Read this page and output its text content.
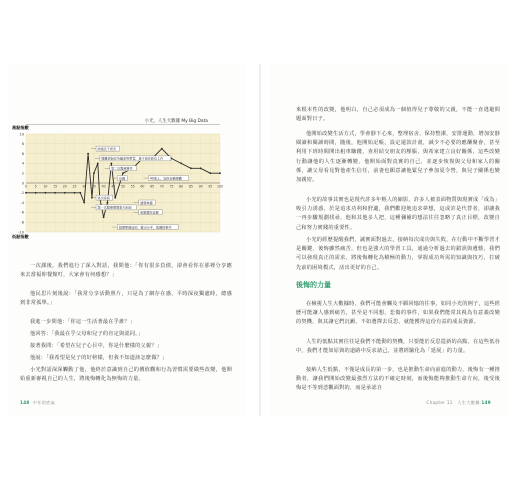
小光，人生大數據 My Big Data
高點指數
低點指數
10
8
6
4
2
0
-2
-4
-6
-8
-10
0 5 10 15 20 25 30 35 40 45 50 55 60 65 70 75 80 85 90 95 100
結婚且子把有
搬離原始住所雖而用帶書，妻子前往新位工作
第二次醫療事件
有趣	40歲上，安排音樂課體
逃出家庭
第一次醫療期間業天紀前
頒獎典禮
說服醫院並解
婚期準備成約，撥出分手，報題很事件

一次課後，我們進行了深入對話，我問他：「你有很多負債，卻會看你在那裡分享應來去當福仰餐館叮，大家會有何感想？」

他民思片刻後說：「我常分享活動照片，只是為了網存在感，平時深夜獨處時，總感到非常孤單。」

我進一步問他：「你這一生活著最在乎誰？」

他回答：「我最在乎父母和兒子的肯定與認同。」

接著我問：「希望在兒子心目中，你是什麼樣的父親？」

他說：「我希望是兒子的好榜樣，但我不知道該怎麼做？」

小光對話深深觸動了他，他終於意識到自己的價值觀和行為習慣需要做些改變，他開始重新審視自己的人生，將後悔轉化為無悔的力量。

148 中年的底氣

來根本性的改變，他明白，自己必須成為一個值得兒子尊敬的父親，不能一直逃避問題面對日子。

他開始改變生活方式，學會靜下心來，整理宿舍，保持整潔，安排運動，增加安靜閱讀和閱讀時間，隨後，他開始記帳，設定還款計畫，減少不必要的應酬聚會，甚至利用下班時間開出租車賺錢，查用結交朋友的壓脹，與希家建立良好關係，這些改變行動讓他的人生逐漸轉變，他開始面對真實的自己，並逐步恢復與父母和家人的關係，讓父母看見對他產生信任，前妻也願意讓他緊兒子參加夏令營，與兒子關係也變加親密。

小光的故事其實也是現代許多年輕人的縮影，許多人被表面物質與現實成「成為」吸引力誘惑，於是追求功利和舒適，我們歡迎地追求夢想，這或許是代替者，卻讓我一再步驟規劃找尋，他和其他多人把，這種彌補的想法往往忽略了真正目標，改變自己和努力實踐的重要性。

小光的經歷提醒我們，誠實面對過去，接納每次成功與失敗，在行動中不斷學習才是關鍵，後悔雖然痛苦，但也是強大的學習工具，通過分析過去的錯誤與遺憾，我們可以發現真正的需求，將後悔轉化為積極的動力，掌握成功所需的知識與技巧，打破先前的困境模式，活出更好的自己。

後悔的力量

在檢視人生大數據時，我們可能會觸及不願回憶的往事，如同小光的例子，這些經歷可能讓人感到痛苦，甚至是不同想，悲傷的事件，如果我們能常其視為有意義改變的契機，與其讓它們沉澱，不如選擇去反思，就能獲得這份有益的成長資源。

人生的低點其實往往是我們不能動的契機，只要能於反思從新的高點、在這些低谷中，我們才能如原與的道路中反求諸己，並將經驗化為「延展」的力量。

接納人生低點，不僅是成長的第一步，也是推動生命向前進的動力，後悔有一種推動者，讓我們開始改變最強烈方法的不確定時刻，而後悔能夠推動生命方向，後受後悔是不等到悲觀面對的，而是承認自

Chapter 11　人生大數據 149
